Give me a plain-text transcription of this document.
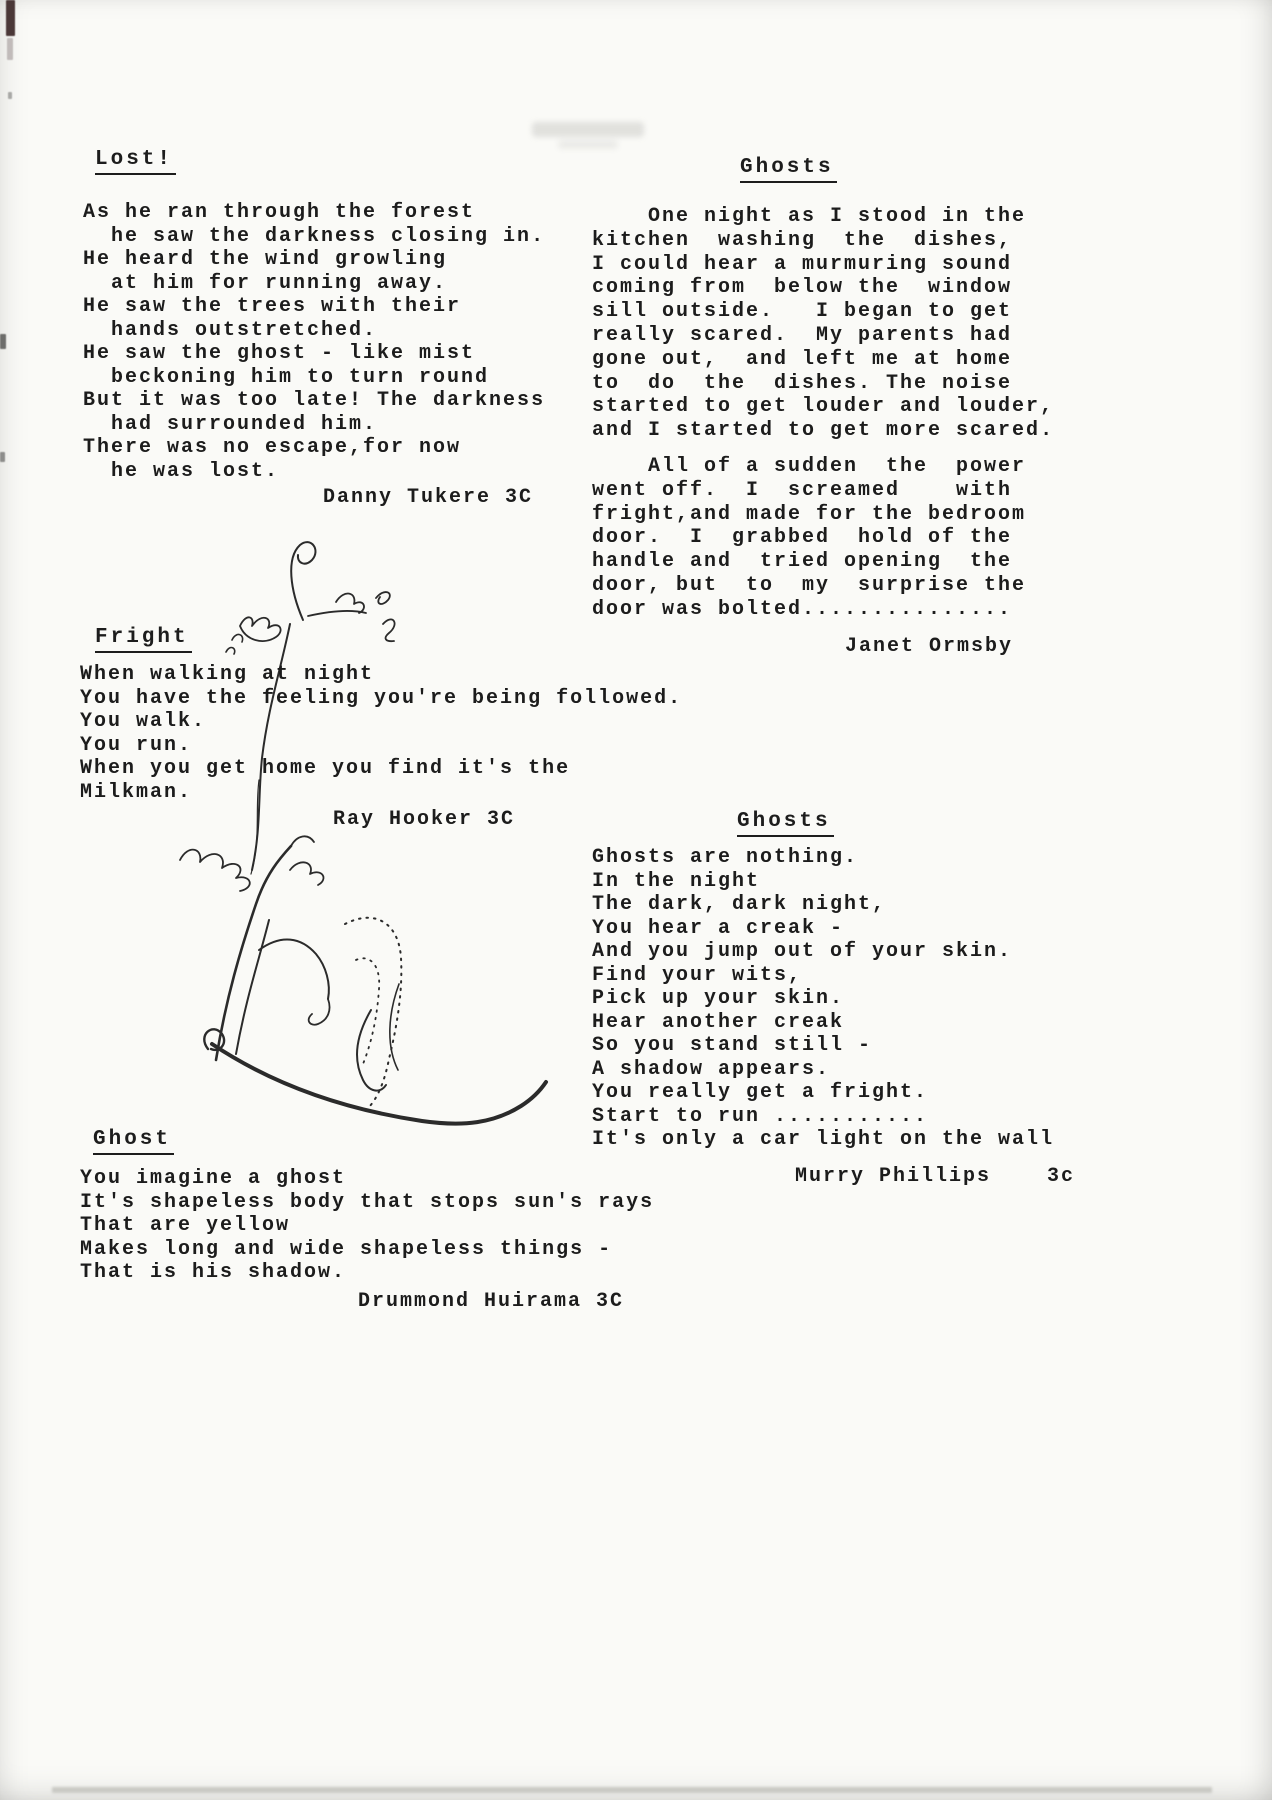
Lost!
As he ran through the forest
he saw the darkness closing in.
He heard the wind growling
at him for running away.
He saw the trees with their
hands outstretched.
He saw the ghost - like mist
beckoning him to turn round
But it was too late! The darkness
had surrounded him.
There was no escape,for now
he was lost.
Danny Tukere 3C
Ghosts
One night as I stood in the
kitchen  washing  the  dishes,
I could hear a murmuring sound
coming from  below the  window
sill outside.   I began to get
really scared.  My parents had
gone out,  and left me at home
to  do  the  dishes. The noise
started to get louder and louder,
and I started to get more scared.
All of a sudden  the  power
went off.  I  screamed    with
fright,and made for the bedroom
door.  I  grabbed  hold of the
handle and  tried opening  the
door, but  to  my  surprise the
door was bolted...............
Janet Ormsby
Fright
When walking at night
You have the feeling you're being followed.
You walk.
You run.
When you get home you find it's the
Milkman.
Ray Hooker 3C	Ghosts
Ghosts are nothing.
In the night
The dark, dark night,
You hear a creak -
And you jump out of your skin.
Find your wits,
Pick up your skin.
Hear another creak
So you stand still -
A shadow appears.
You really get a fright.
Start to run ...........
It's only a car light on the wall
Murry Phillips    3c
Ghost
You imagine a ghost
It's shapeless body that stops sun's rays
That are yellow
Makes long and wide shapeless things -
That is his shadow.
Drummond Huirama 3C
